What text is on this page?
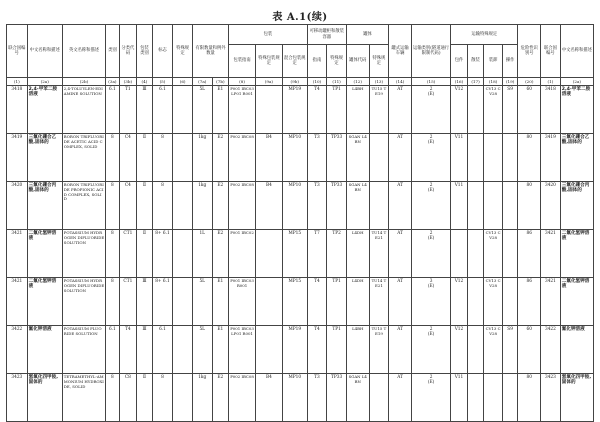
表 A.1(续)
联合国编号	中文名称和描述	英文名称和描述	类别	分类代码	包装类别	标志	特殊规定	有限数量和例外数量		包装			可移动罐柜和散装容器		罐体		罐式运输车辆	运输类别(隧道通行限制代码)	运输特殊规定				危险性识别号	联合国编号	中文名称和描述
										包装指南	特殊包装规定	混合包装规定	指南	特殊规定	罐体代码	特殊规定			包件	散装	装卸	操作			
(1)	(2a)	(2b)	(3a)	(3b)	(4)	(5)	(6)	(7a)	(7b)	(8)	(9a)	(9b)	(10)	(11)	(12)	(13)	(14)	(15)	(16)	(17)	(18)	(19)	(20)	(1)	(2a)
3418	2,4-甲苯二胺溶液	2,4-TOLUYLEN-EDIAMINE SOLUTION	6.1	T1	Ⅲ	6.1		5L	E1	P001 IBC03 LP01 R001		MP19	T4	TP1	L4BH	TU15 TE19	AT	2
(E)	V12		CV13 CV28	S9	60	3418	2,4-甲苯二胺溶液
3419	三氟化硼合乙酸,固体的	BORON TRIFLUORIDE ACETIC ACID COMPLEX, SOLID	8	C4	Ⅱ	8		1kg	E2	P002 IBC08	B4	MP10	T3	TP33	SGAN L4BN		AT	2
(E)	V11				80	3419	三氟化硼合乙酸,固体的
3420	三氟化硼合丙酸,固体的	BORON TRIFLUORIDE PROPIONIC ACID COMPLEX, SOLID	8	C4	Ⅱ	8		1kg	E2	P002 IBC08	B4	MP10	T3	TP33	SGAN L4BN		AT	2
(E)	V11				80	3420	三氟化硼合丙酸,固体的
3421	二氟化氢钾溶液	POTASSIUM HYDROGEN DIFLUORIDE SOLUTION	8	CT1	Ⅱ	8+ 6.1		1L	E2	P001 IBC02		MP15	T7	TP2	L4DH	TU14 TE21	AT	2
(E)			CV13 CV28		86	3421	二氟化氢钾溶液
3421	二氟化氢钾溶液	POTASSIUM HYDROGEN DIFLUORIDE SOLUTION	8	CT1	Ⅲ	8+ 6.1		5L	E1	P001 IBC03 R001		MP15	T4	TP1	L4DH	TU14 TE21	AT	3
(E)	V12		CV13 CV28		86	3421	二氟化氢钾溶液
3422	氟化钾溶液	POTASSIUM FLUORIDE SOLUTION	6.1	T4	Ⅲ	6.1		5L	E1	P001 IBC03 LP01 R001		MP19	T4	TP1	L4BH	TU15 TE19	AT	2
(E)	V12		CV13 CV28	S9	60	3422	氟化钾溶液
3423	氢氧化四甲铵,固体的	TETRAMETHYL-AMMONIUM HYDROXIDE, SOLID	8	C8	Ⅱ	8		1kg	E2	P002 IBC08	B4	MP10	T3	TP33	SGAN L4BN		AT	2
(E)	V11				80	3423	氢氧化四甲铵,固体的
